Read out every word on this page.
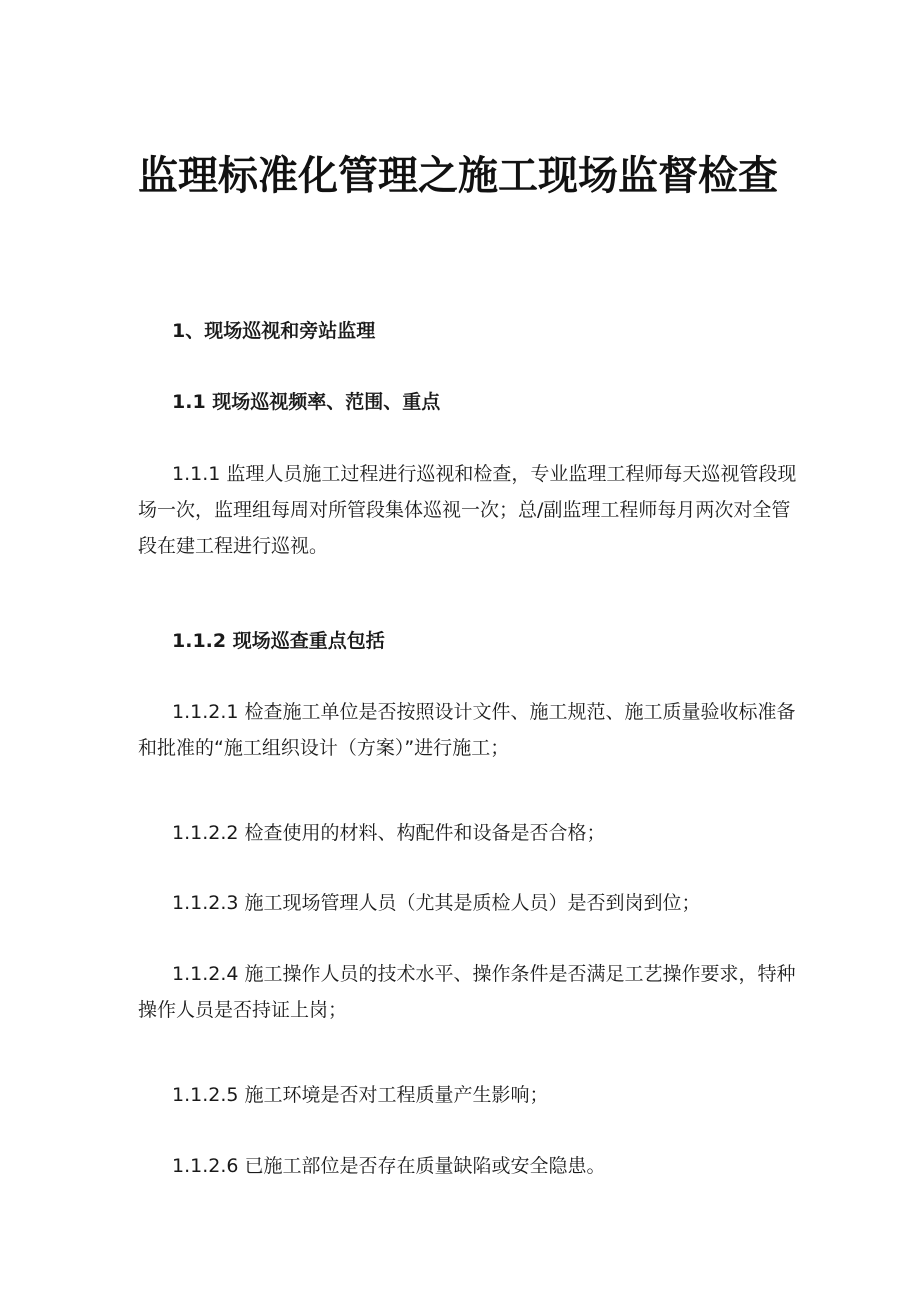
监理标准化管理之施工现场监督检查
1、现场巡视和旁站监理
1.1 现场巡视频率、范围、重点

1.1.1 监理人员施工过程进行巡视和检查，专业监理工程师每天巡视管段现场一次，监理组每周对所管段集体巡视一次；总/副监理工程师每月两次对全管段在建工程进行巡视。

1.1.2 现场巡查重点包括

1.1.2.1 检查施工单位是否按照设计文件、施工规范、施工质量验收标准备和批准的“施工组织设计（方案）”进行施工；

1.1.2.2 检查使用的材料、构配件和设备是否合格；

1.1.2.3 施工现场管理人员（尤其是质检人员）是否到岗到位；

1.1.2.4 施工操作人员的技术水平、操作条件是否满足工艺操作要求，特种操作人员是否持证上岗；

1.1.2.5 施工环境是否对工程质量产生影响；

1.1.2.6 已施工部位是否存在质量缺陷或安全隐患。
